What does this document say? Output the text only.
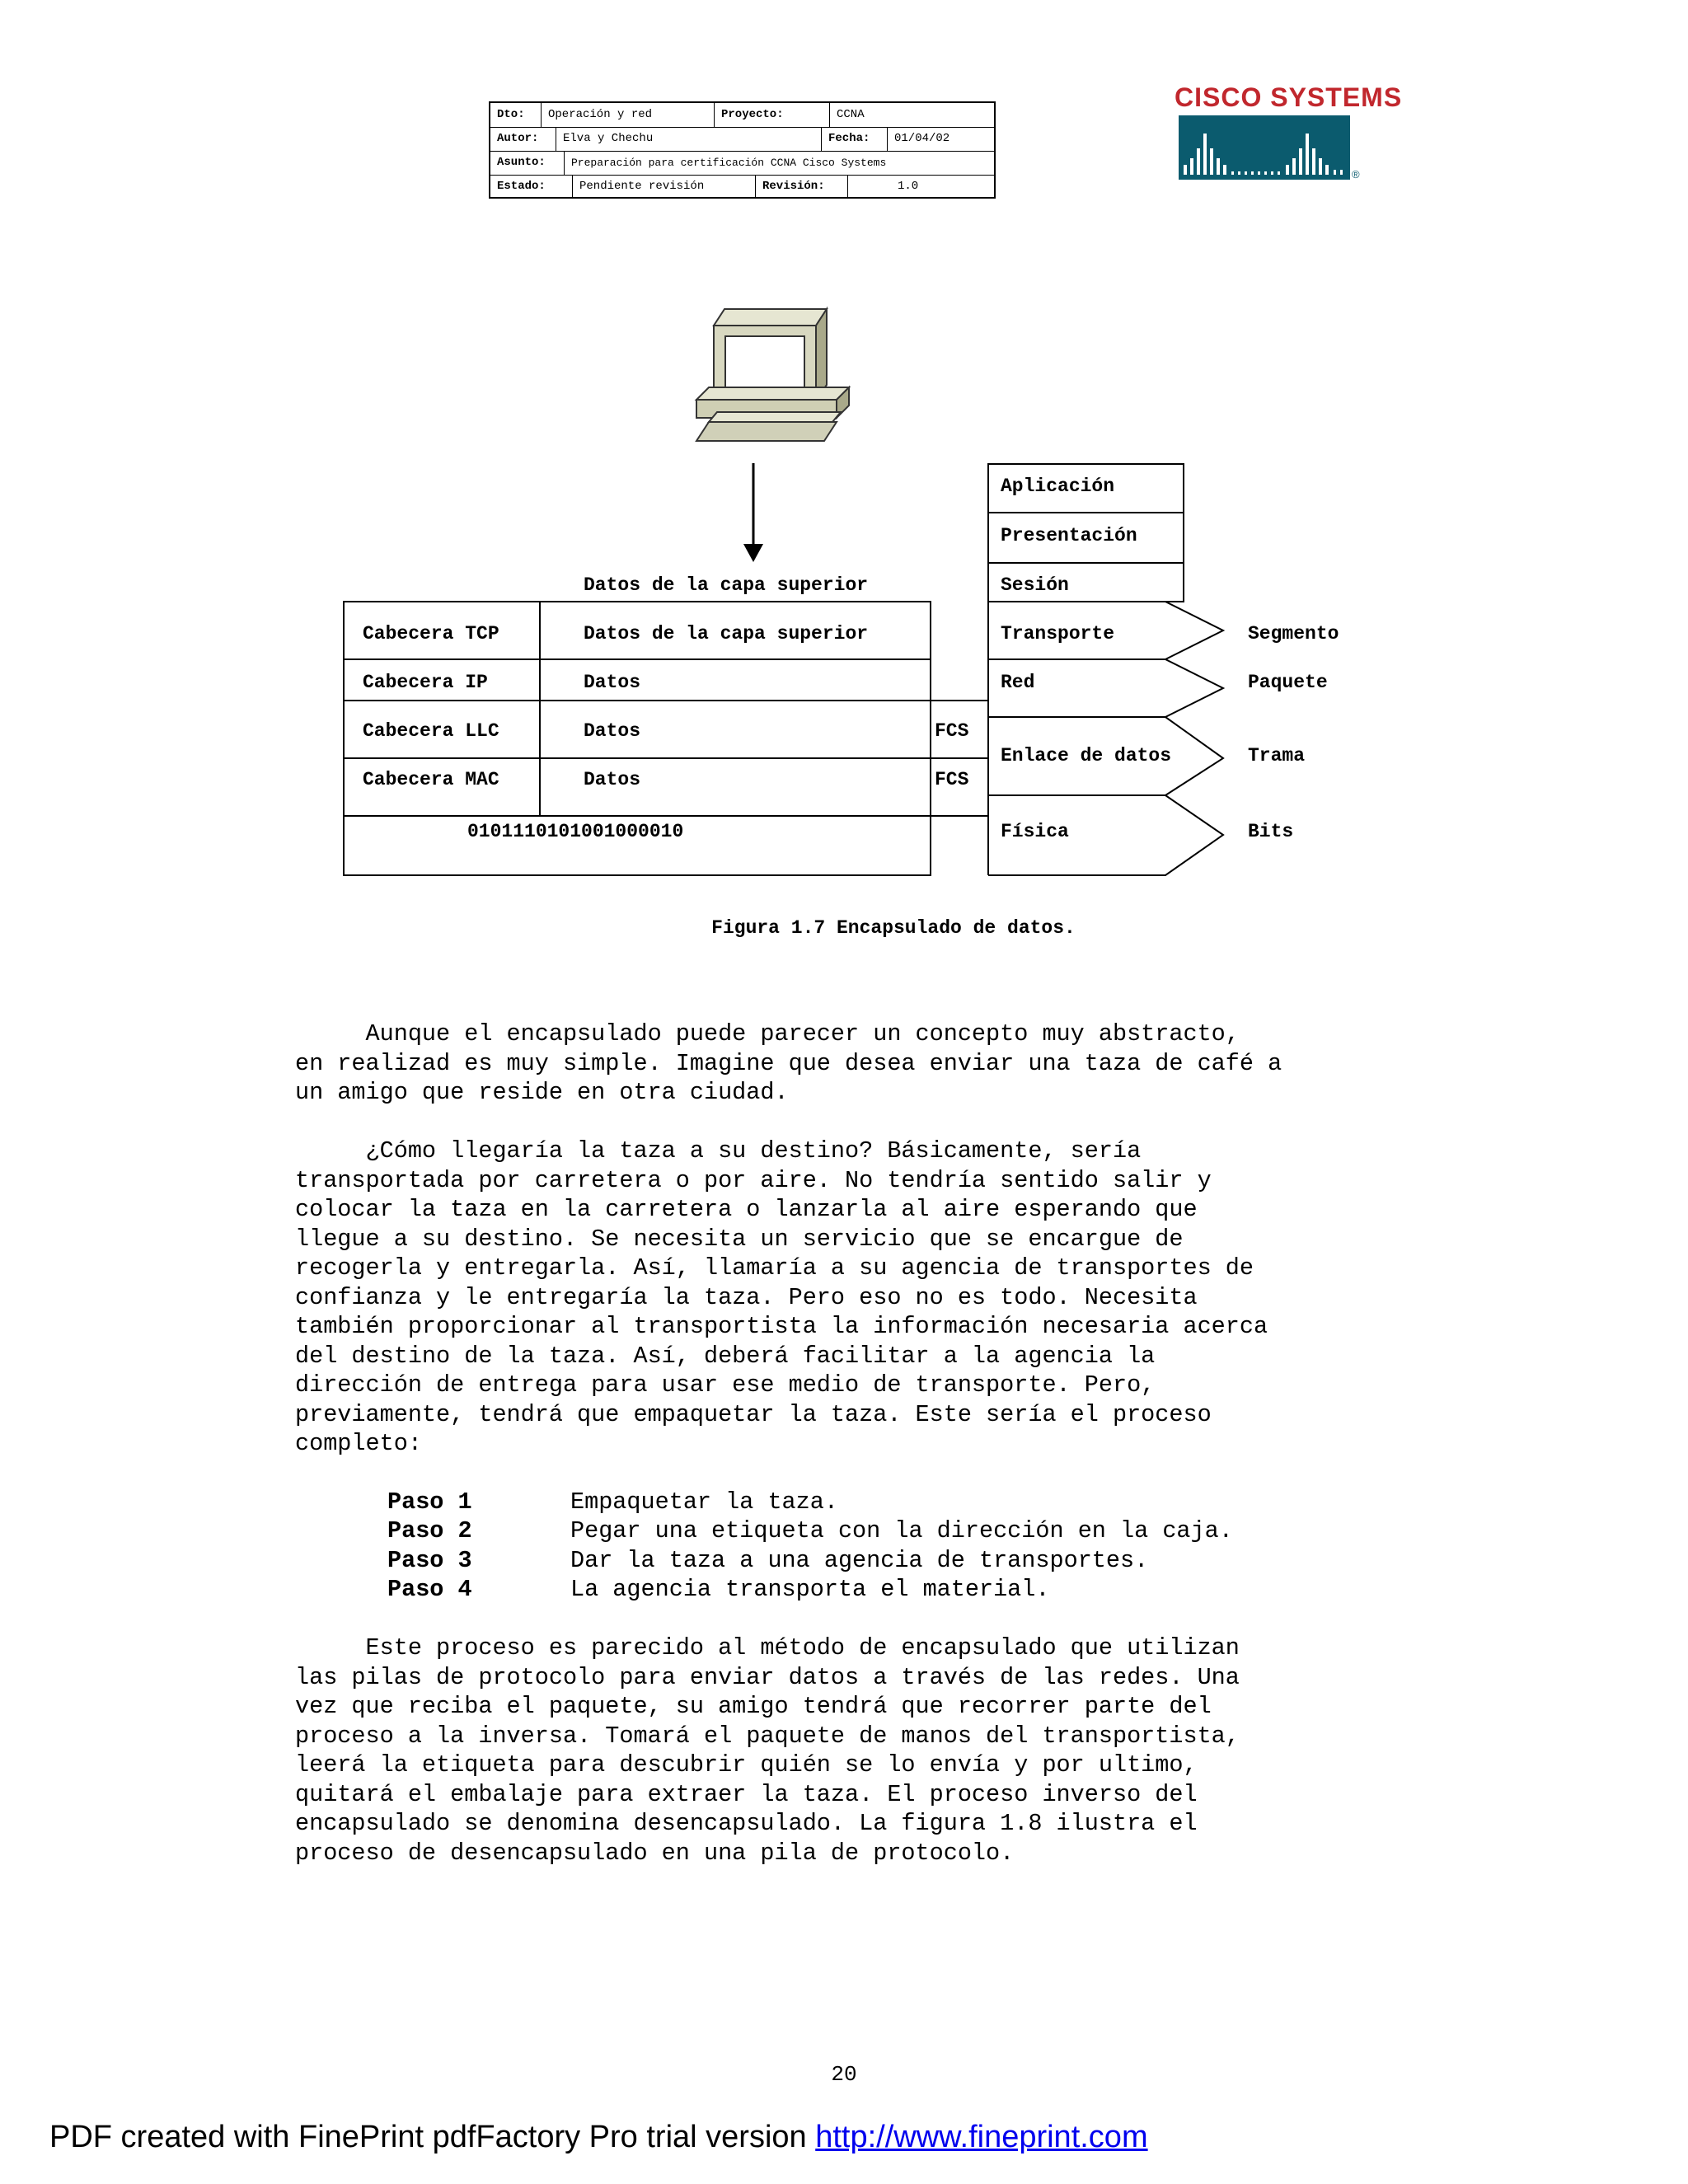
Dto:	Operación y red	Proyecto:	CCNA
Autor:	Elva y Chechu	Fecha:	01/04/02
Asunto:	Preparación para certificación CCNA Cisco Systems
Estado:	Pendiente revisión	Revisión:	1.0
CISCO SYSTEMS
®
Datos de la capa superior
Cabecera TCP	Datos de la capa superior
Cabecera IP	Datos
Cabecera LLC	Datos	FCS
Cabecera MAC	Datos	FCS
0101110101001000010
Aplicación
Presentación
Sesión
Transporte
Red
Enlace de datos
Física
Segmento
Paquete
Trama
Bits
Figura 1.7 Encapsulado de datos.
Aunque el encapsulado puede parecer un concepto muy abstracto,
en realizad es muy simple. Imagine que desea enviar una taza de café a
un amigo que reside en otra ciudad.
¿Cómo llegaría la taza a su destino? Básicamente, sería
transportada por carretera o por aire. No tendría sentido salir y
colocar la taza en la carretera o lanzarla al aire esperando que
llegue a su destino. Se necesita un servicio que se encargue de
recogerla y entregarla. Así, llamaría a su agencia de transportes de
confianza y le entregaría la taza. Pero eso no es todo. Necesita
también proporcionar al transportista la información necesaria acerca
del destino de la taza. Así, deberá facilitar a la agencia la
dirección de entrega para usar ese medio de transporte. Pero,
previamente, tendrá que empaquetar la taza. Este sería el proceso
completo:
Paso 1	Empaquetar la taza.
Paso 2	Pegar una etiqueta con la dirección en la caja.
Paso 3	Dar la taza a una agencia de transportes.
Paso 4	La agencia transporta el material.
Este proceso es parecido al método de encapsulado que utilizan
las pilas de protocolo para enviar datos a través de las redes. Una
vez que reciba el paquete, su amigo tendrá que recorrer parte del
proceso a la inversa. Tomará el paquete de manos del transportista,
leerá la etiqueta para descubrir quién se lo envía y por ultimo,
quitará el embalaje para extraer la taza. El proceso inverso del
encapsulado se denomina desencapsulado. La figura 1.8 ilustra el
proceso de desencapsulado en una pila de protocolo.
20
PDF created with FinePrint pdfFactory Pro trial version http://www.fineprint.com
